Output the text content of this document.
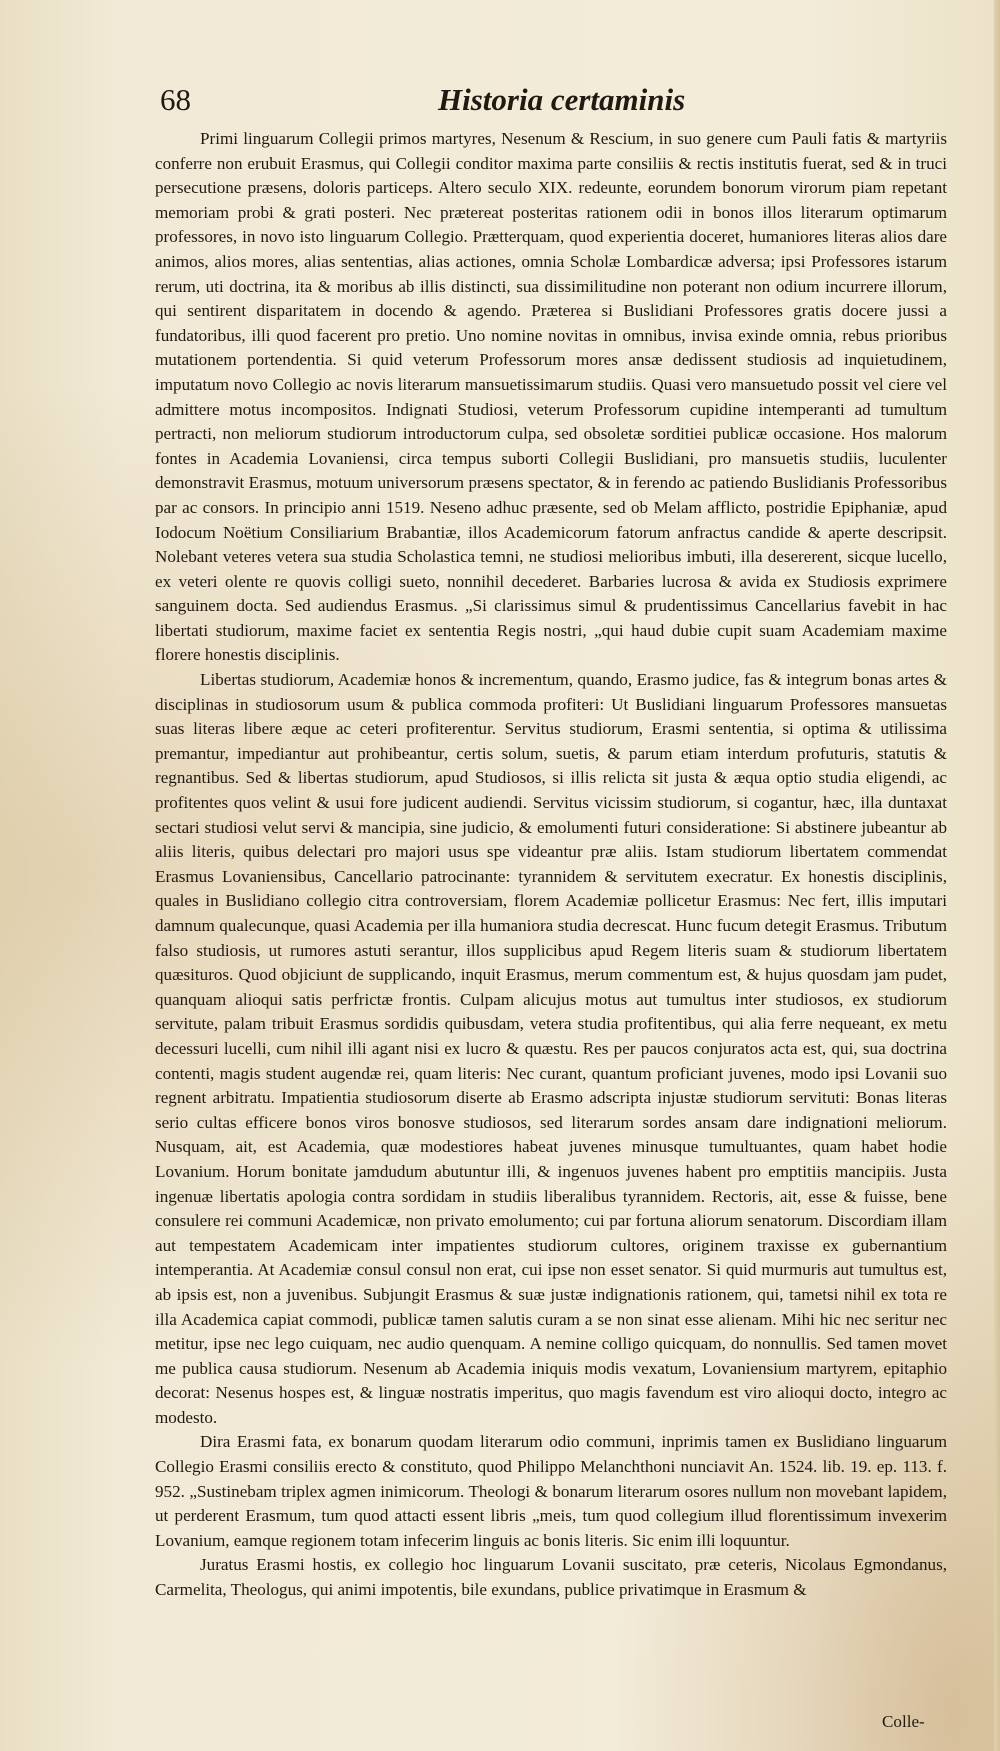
68	Historia certaminis

Primi linguarum Collegii primos martyres, Nesenum & Rescium, in suo genere cum Pauli fatis & martyriis conferre non erubuit Erasmus, qui Collegii conditor maxima parte consiliis & rectis institutis fuerat, sed & in truci persecutione præsens, doloris particeps. Altero seculo XIX. redeunte, eorundem bonorum virorum piam repetant memoriam probi & grati posteri. Nec prætereat posteritas rationem odii in bonos illos literarum optimarum professores, in novo isto linguarum Collegio. Prætterquam, quod experientia doceret, humaniores literas alios dare animos, alios mores, alias sententias, alias actiones, omnia Scholæ Lombardicæ adversa; ipsi Professores istarum rerum, uti doctrina, ita & moribus ab illis distincti, sua dissimilitudine non poterant non odium incurrere illorum, qui sentirent disparitatem in docendo & agendo. Præterea si Buslidiani Professores gratis docere jussi a fundatoribus, illi quod facerent pro pretio. Uno nomine novitas in omnibus, invisa exinde omnia, rebus prioribus mutationem portendentia. Si quid veterum Professorum mores ansæ dedissent studiosis ad inquietudinem, imputatum novo Collegio ac novis literarum mansuetissimarum studiis. Quasi vero mansuetudo possit vel ciere vel admittere motus incompositos. Indignati Studiosi, veterum Professorum cupidine intemperanti ad tumultum pertracti, non meliorum studiorum introductorum culpa, sed obsoletæ sorditiei publicæ occasione. Hos malorum fontes in Academia Lovaniensi, circa tempus suborti Collegii Buslidiani, pro mansuetis studiis, luculenter demonstravit Erasmus, motuum universorum præsens spectator, & in ferendo ac patiendo Buslidianis Professoribus par ac consors. In principio anni 1519. Neseno adhuc præsente, sed ob Melam afflicto, postridie Epiphaniæ, apud Iodocum Noëtium Consiliarium Brabantiæ, illos Academicorum fatorum anfractus candide & aperte descripsit. Nolebant veteres vetera sua studia Scholastica temni, ne studiosi melioribus imbuti, illa desererent, sicque lucello, ex veteri olente re quovis colligi sueto, nonnihil decederet. Barbaries lucrosa & avida ex Studiosis exprimere sanguinem docta. Sed audiendus Erasmus. „Si clarissimus simul & prudentissimus Cancellarius favebit in hac libertati studiorum, maxime faciet ex sententia Regis nostri, „qui haud dubie cupit suam Academiam maxime florere honestis disciplinis.

Libertas studiorum, Academiæ honos & incrementum, quando, Erasmo judice, fas & integrum bonas artes & disciplinas in studiosorum usum & publica commoda profiteri: Ut Buslidiani linguarum Professores mansuetas suas literas libere æque ac ceteri profiterentur. Servitus studiorum, Erasmi sententia, si optima & utilissima premantur, impediantur aut prohibeantur, certis solum, suetis, & parum etiam interdum profuturis, statutis & regnantibus. Sed & libertas studiorum, apud Studiosos, si illis relicta sit justa & æqua optio studia eligendi, ac profitentes quos velint & usui fore judicent audiendi. Servitus vicissim studiorum, si cogantur, hæc, illa duntaxat sectari studiosi velut servi & mancipia, sine judicio, & emolumenti futuri consideratione: Si abstinere jubeantur ab aliis literis, quibus delectari pro majori usus spe videantur præ aliis. Istam studiorum libertatem commendat Erasmus Lovaniensibus, Cancellario patrocinante: tyrannidem & servitutem execratur. Ex honestis disciplinis, quales in Buslidiano collegio citra controversiam, florem Academiæ pollicetur Erasmus: Nec fert, illis imputari damnum qualecunque, quasi Academia per illa humaniora studia decrescat. Hunc fucum detegit Erasmus. Tributum falso studiosis, ut rumores astuti serantur, illos supplicibus apud Regem literis suam & studiorum libertatem quæsituros. Quod objiciunt de supplicando, inquit Erasmus, merum commentum est, & hujus quosdam jam pudet, quanquam alioqui satis perfrictæ frontis. Culpam alicujus motus aut tumultus inter studiosos, ex studiorum servitute, palam tribuit Erasmus sordidis quibusdam, vetera studia profitentibus, qui alia ferre nequeant, ex metu decessuri lucelli, cum nihil illi agant nisi ex lucro & quæstu. Res per paucos conjuratos acta est, qui, sua doctrina contenti, magis student augendæ rei, quam literis: Nec curant, quantum proficiant juvenes, modo ipsi Lovanii suo regnent arbitratu. Impatientia studiosorum diserte ab Erasmo adscripta injustæ studiorum servituti: Bonas literas serio cultas efficere bonos viros bonosve studiosos, sed literarum sordes ansam dare indignationi meliorum. Nusquam, ait, est Academia, quæ modestiores habeat juvenes minusque tumultuantes, quam habet hodie Lovanium. Horum bonitate jamdudum abutuntur illi, & ingenuos juvenes habent pro emptitiis mancipiis. Justa ingenuæ libertatis apologia contra sordidam in studiis liberalibus tyrannidem. Rectoris, ait, esse & fuisse, bene consulere rei communi Academicæ, non privato emolumento; cui par fortuna aliorum senatorum. Discordiam illam aut tempestatem Academicam inter impatientes studiorum cultores, originem traxisse ex gubernantium intemperantia. At Academiæ consul consul non erat, cui ipse non esset senator. Si quid murmuris aut tumultus est, ab ipsis est, non a juvenibus. Subjungit Erasmus & suæ justæ indignationis rationem, qui, tametsi nihil ex tota re illa Academica capiat commodi, publicæ tamen salutis curam a se non sinat esse alienam. Mihi hic nec seritur nec metitur, ipse nec lego cuiquam, nec audio quenquam. A nemine colligo quicquam, do nonnullis. Sed tamen movet me publica causa studiorum. Nesenum ab Academia iniquis modis vexatum, Lovaniensium martyrem, epitaphio decorat: Nesenus hospes est, & linguæ nostratis imperitus, quo magis favendum est viro alioqui docto, integro ac modesto.

Dira Erasmi fata, ex bonarum quodam literarum odio communi, inprimis tamen ex Buslidiano linguarum Collegio Erasmi consiliis erecto & constituto, quod Philippo Melanchthoni nunciavit An. 1524. lib. 19. ep. 113. f. 952. „Sustinebam triplex agmen inimicorum. Theologi & bonarum literarum osores nullum non movebant lapidem, ut perderent Erasmum, tum quod attacti essent libris „meis, tum quod collegium illud florentissimum invexerim Lovanium, eamque regionem totam infecerim linguis ac bonis literis. Sic enim illi loquuntur.

Juratus Erasmi hostis, ex collegio hoc linguarum Lovanii suscitato, præ ceteris, Nicolaus Egmondanus, Carmelita, Theologus, qui animi impotentis, bile exundans, publice privatimque in Erasmum &

Colle-
